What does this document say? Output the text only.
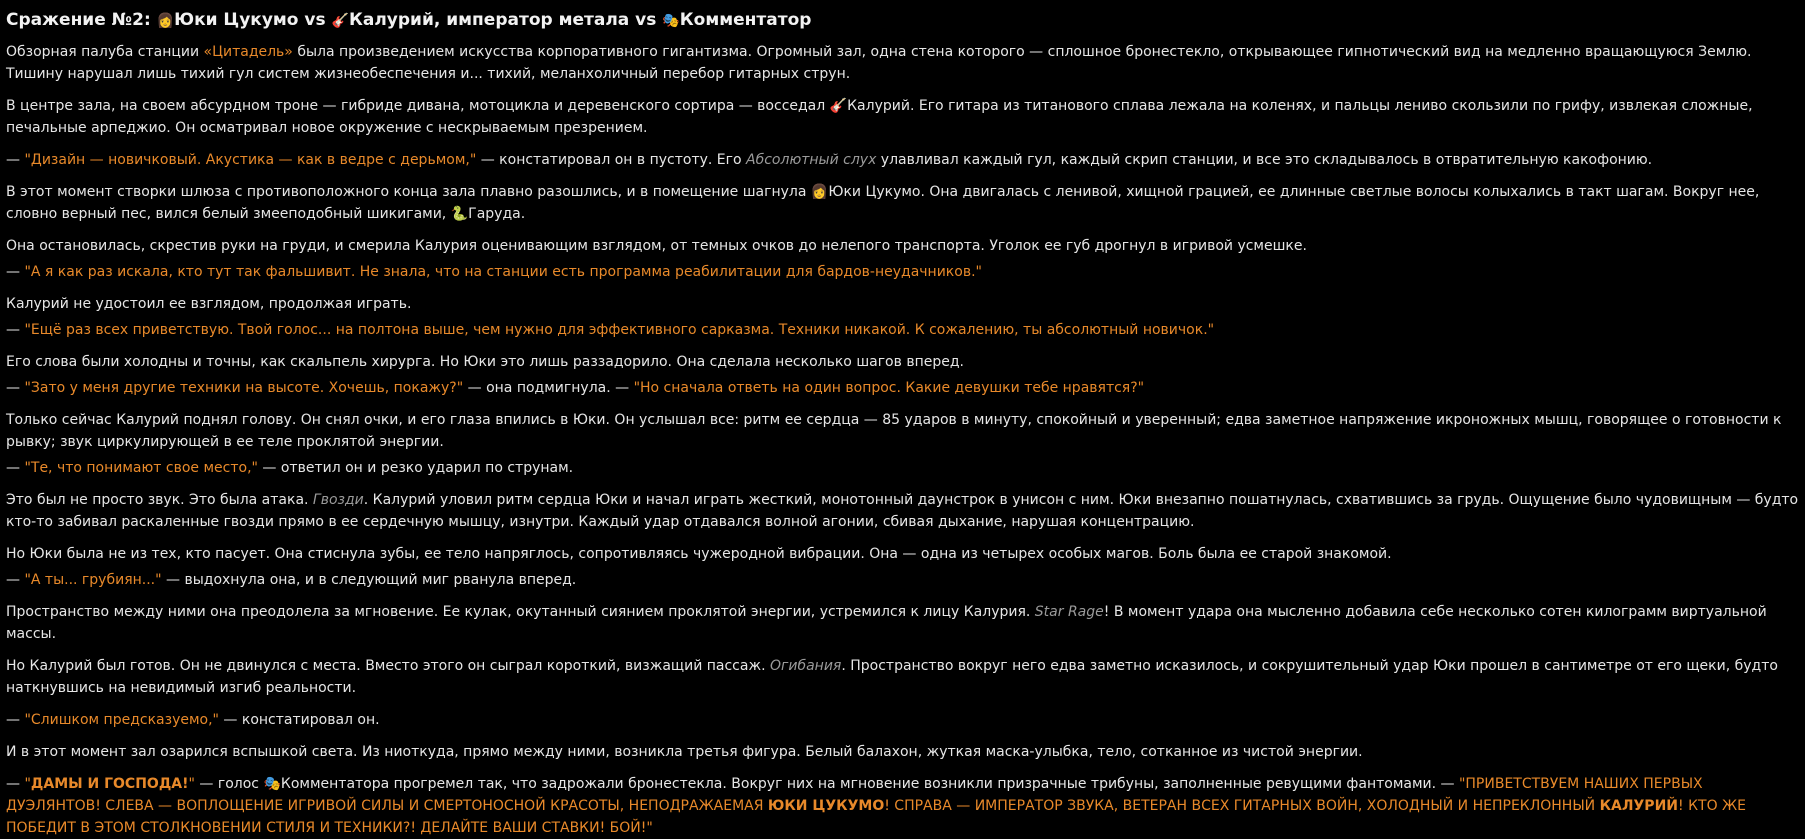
Сражение №2: 👩Юки Цукумо vs 🎸Калурий, император метала vs 🎭Комментатор

Обзорная палуба станции «Цитадель» была произведением искусства корпоративного гигантизма. Огромный зал, одна стена которого — сплошное бронестекло, открывающее гипнотический вид на медленно вращающуюся Землю. Тишину нарушал лишь тихий гул систем жизнеобеспечения и... тихий, меланхоличный перебор гитарных струн.

В центре зала, на своем абсурдном троне — гибриде дивана, мотоцикла и деревенского сортира — восседал 🎸Калурий. Его гитара из титанового сплава лежала на коленях, и пальцы лениво скользили по грифу, извлекая сложные, печальные арпеджио. Он осматривал новое окружение с нескрываемым презрением.

— "Дизайн — новичковый. Акустика — как в ведре с дерьмом," — констатировал он в пустоту. Его Абсолютный слух улавливал каждый гул, каждый скрип станции, и все это складывалось в отвратительную какофонию.

В этот момент створки шлюза с противоположного конца зала плавно разошлись, и в помещение шагнула 👩Юки Цукумо. Она двигалась с ленивой, хищной грацией, ее длинные светлые волосы колыхались в такт шагам. Вокруг нее, словно верный пес, вился белый змееподобный шикигами, 🐍Гаруда.

Она остановилась, скрестив руки на груди, и смерила Калурия оценивающим взглядом, от темных очков до нелепого транспорта. Уголок ее губ дрогнул в игривой усмешке.

— "А я как раз искала, кто тут так фальшивит. Не знала, что на станции есть программа реабилитации для бардов-неудачников."

Калурий не удостоил ее взглядом, продолжая играть.

— "Ещё раз всех приветствую. Твой голос... на полтона выше, чем нужно для эффективного сарказма. Техники никакой. К сожалению, ты абсолютный новичок."

Его слова были холодны и точны, как скальпель хирурга. Но Юки это лишь раззадорило. Она сделала несколько шагов вперед.

— "Зато у меня другие техники на высоте. Хочешь, покажу?" — она подмигнула. — "Но сначала ответь на один вопрос. Какие девушки тебе нравятся?"

Только сейчас Калурий поднял голову. Он снял очки, и его глаза впились в Юки. Он услышал все: ритм ее сердца — 85 ударов в минуту, спокойный и уверенный; едва заметное напряжение икроножных мышц, говорящее о готовности к рывку; звук циркулирующей в ее теле проклятой энергии.

— "Те, что понимают свое место," — ответил он и резко ударил по струнам.

Это был не просто звук. Это была атака. Гвозди. Калурий уловил ритм сердца Юки и начал играть жесткий, монотонный даунстрок в унисон с ним. Юки внезапно пошатнулась, схватившись за грудь. Ощущение было чудовищным — будто кто-то забивал раскаленные гвозди прямо в ее сердечную мышцу, изнутри. Каждый удар отдавался волной агонии, сбивая дыхание, нарушая концентрацию.

Но Юки была не из тех, кто пасует. Она стиснула зубы, ее тело напряглось, сопротивляясь чужеродной вибрации. Она — одна из четырех особых магов. Боль была ее старой знакомой.

— "А ты... грубиян..." — выдохнула она, и в следующий миг рванула вперед.

Пространство между ними она преодолела за мгновение. Ее кулак, окутанный сиянием проклятой энергии, устремился к лицу Калурия. Star Rage! В момент удара она мысленно добавила себе несколько сотен килограмм виртуальной массы.

Но Калурий был готов. Он не двинулся с места. Вместо этого он сыграл короткий, визжащий пассаж. Огибания. Пространство вокруг него едва заметно исказилось, и сокрушительный удар Юки прошел в сантиметре от его щеки, будто наткнувшись на невидимый изгиб реальности.

— "Слишком предсказуемо," — констатировал он.

И в этот момент зал озарился вспышкой света. Из ниоткуда, прямо между ними, возникла третья фигура. Белый балахон, жуткая маска-улыбка, тело, сотканное из чистой энергии.

— "ДАМЫ И ГОСПОДА!" — голос 🎭Комментатора прогремел так, что задрожали бронестекла. Вокруг них на мгновение возникли призрачные трибуны, заполненные ревущими фантомами. — "ПРИВЕТСТВУЕМ НАШИХ ПЕРВЫХ ДУЭЛЯНТОВ! СЛЕВА — ВОПЛОЩЕНИЕ ИГРИВОЙ СИЛЫ И СМЕРТОНОСНОЙ КРАСОТЫ, НЕПОДРАЖАЕМАЯ ЮКИ ЦУКУМО! СПРАВА — ИМПЕРАТОР ЗВУКА, ВЕТЕРАН ВСЕХ ГИТАРНЫХ ВОЙН, ХОЛОДНЫЙ И НЕПРЕКЛОННЫЙ КАЛУРИЙ! КТО ЖЕ ПОБЕДИТ В ЭТОМ СТОЛКНОВЕНИИ СТИЛЯ И ТЕХНИКИ?! ДЕЛАЙТЕ ВАШИ СТАВКИ! БОЙ!"
